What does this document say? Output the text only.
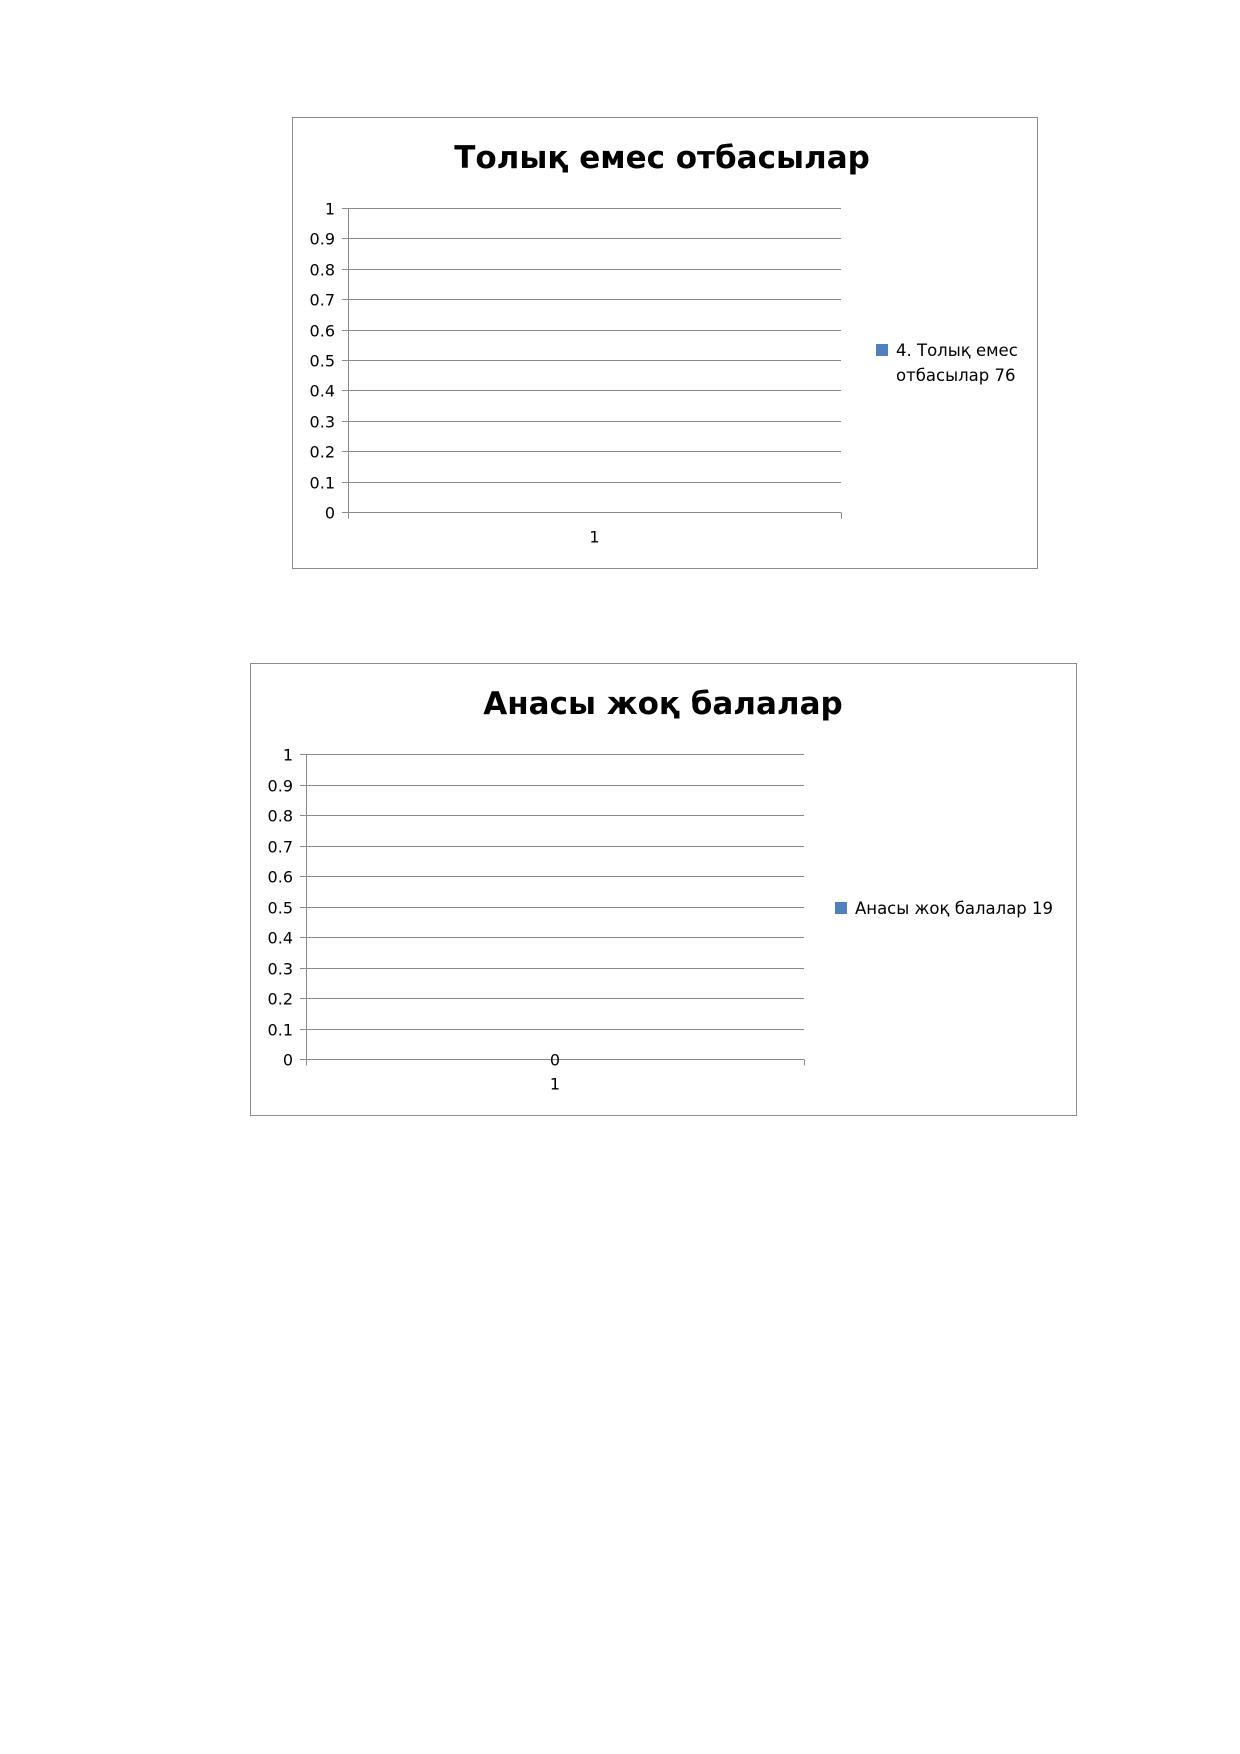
Толық емес отбасылар
0
0.1
0.2
0.3
0.4
0.5
0.6
0.7
0.8
0.9
1
1
4. Толық емес
отбасылар 76
Анасы жоқ балалар
0
0.1
0.2
0.3
0.4
0.5
0.6
0.7
0.8
0.9
1
1
0
Анасы жоқ балалар 19
